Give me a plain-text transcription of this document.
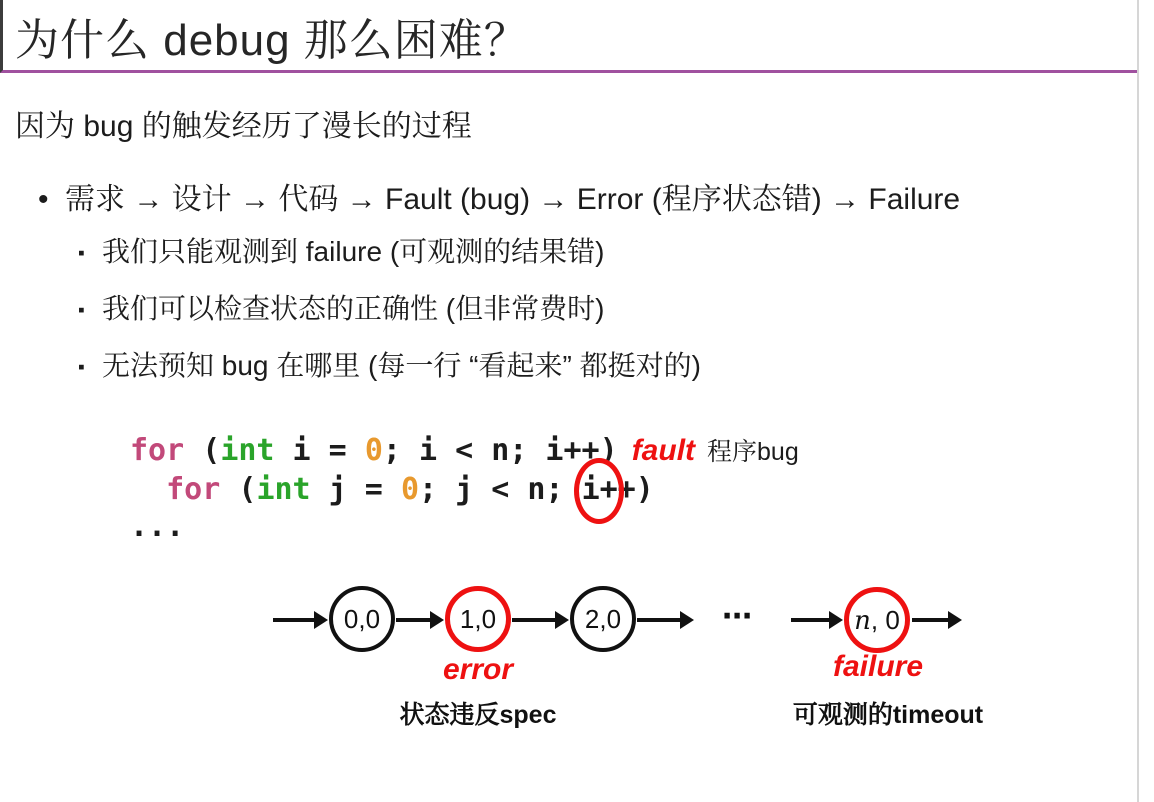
为什么 debug 那么困难？
因为 bug 的触发经历了漫长的过程
• 需求 → 设计 → 代码 → Fault (bug) → Error (程序状态错) → Failure
▪ 我们只能观测到 failure (可观测的结果错)
▪ 我们可以检查状态的正确性 (但非常费时)
▪ 无法预知 bug 在哪里 (每一行 “看起来” 都挺对的)
for (int i = 0; i < n; i++) fault 程序bug
for (int j = 0; j < n;
i++)
...
0,0	1,0	2,0	⋯	n, 0
error
状态违反spec
failure
可观测的timeout
